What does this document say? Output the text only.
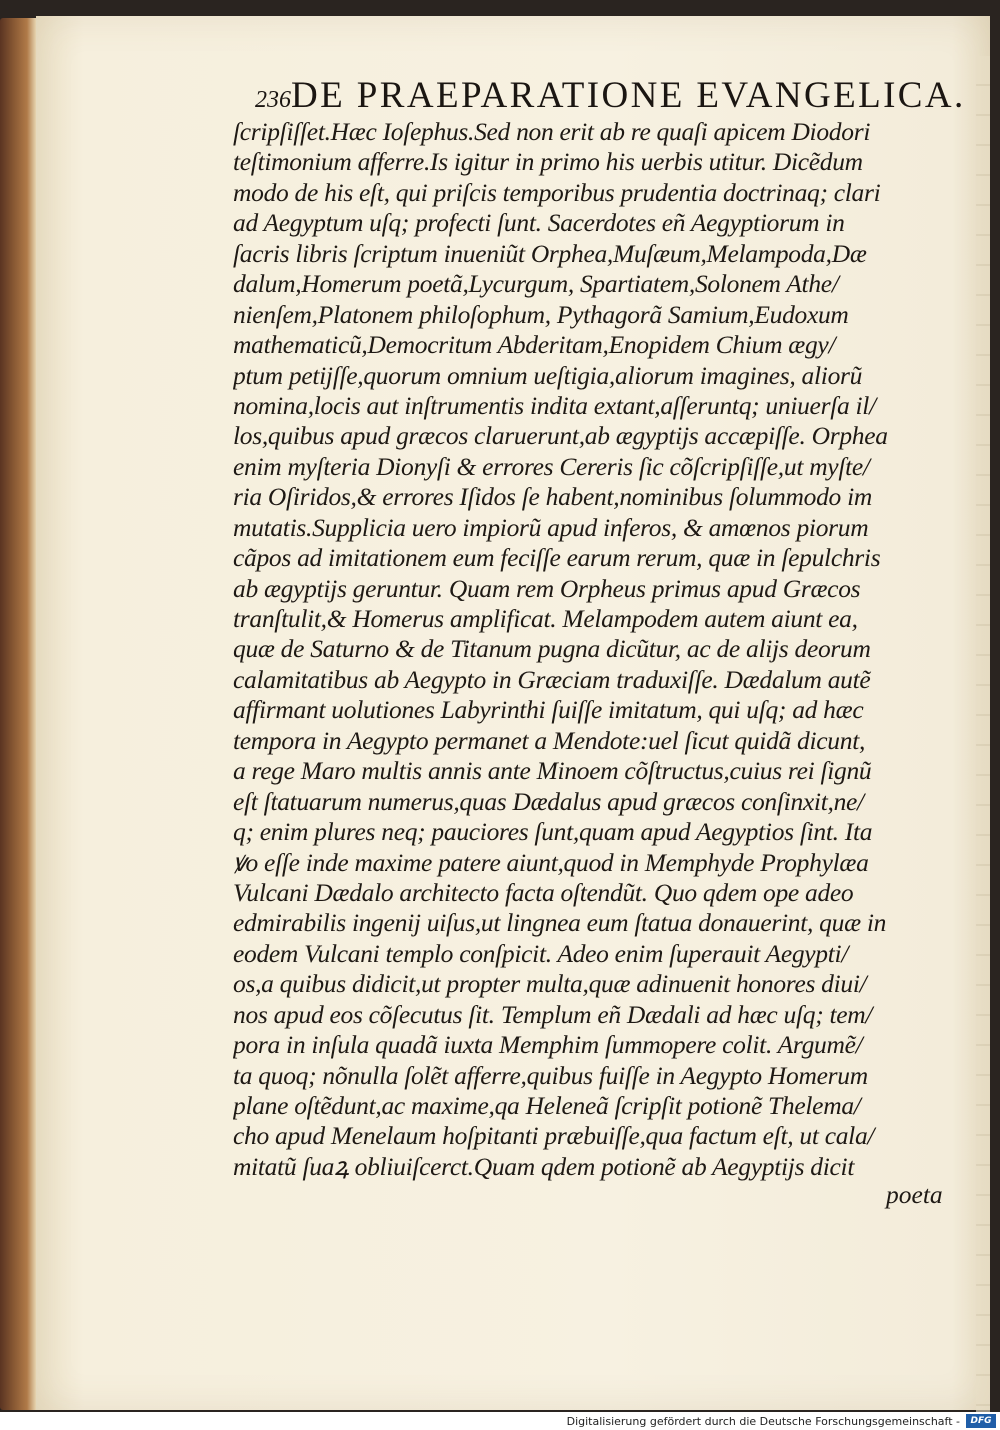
236 DE PRAEPARATIONE EVANGELICA.
ſcripſiſſet.Hæc Ioſephus.Sed non erit ab re quaſi apicem Diodori
teſtimonium afferre.Is igitur in primo his uerbis utitur. Dicẽdum
modo de his eſt, qui priſcis temporibus prudentia doctrinaq; clari
ad Aegyptum uſq; profecti ſunt. Sacerdotes eñ Aegyptiorum in
ſacris libris ſcriptum inueniũt Orphea,Muſæum,Melampoda,Dæ
dalum,Homerum poetã,Lycurgum, Spartiatem,Solonem Athe/
nienſem,Platonem philoſophum, Pythagorã Samium,Eudoxum
mathematicũ,Democritum Abderitam,Enopidem Chium ægy/
ptum petijſſe,quorum omnium ueſtigia,aliorum imagines, aliorũ
nomina,locis aut inſtrumentis indita extant,aſſeruntq; uniuerſa il/
los,quibus apud græcos claruerunt,ab ægyptijs accæpiſſe. Orphea
enim myſteria Dionyſi & errores Cereris ſic cõſcripſiſſe,ut myſte/
ria Oſiridos,& errores Iſidos ſe habent,nominibus ſolummodo im
mutatis.Supplicia uero impiorũ apud inferos, & amœnos piorum
cãpos ad imitationem eum feciſſe earum rerum, quæ in ſepulchris
ab ægyptijs geruntur. Quam rem Orpheus primus apud Græcos
tranſtulit,& Homerus amplificat. Melampodem autem aiunt ea,
quæ de Saturno & de Titanum pugna dicũtur, ac de alijs deorum
calamitatibus ab Aegypto in Græciam traduxiſſe. Dædalum autẽ
affirmant uolutiones Labyrinthi ſuiſſe imitatum, qui uſq; ad hæc
tempora in Aegypto permanet a Mendote:uel ſicut quidã dicunt,
a rege Maro multis annis ante Minoem cõſtructus,cuius rei ſignũ
eſt ſtatuarum numerus,quas Dædalus apud græcos conſinxit,ne/
q; enim plures neq; pauciores ſunt,quam apud Aegyptios ſint. Ita
ꝟo eſſe inde maxime patere aiunt,quod in Memphyde Prophylæa
Vulcani Dædalo architecto facta oſtendũt. Quo qdem ope adeo
edmirabilis ingenij uiſus,ut lingnea eum ſtatua donauerint, quæ in
eodem Vulcani templo conſpicit. Adeo enim ſuperauit Aegypti/
os,a quibus didicit,ut propter multa,quæ adinuenit honores diui/
nos apud eos cõſecutus ſit. Templum eñ Dædali ad hæc uſq; tem/
pora in inſula quadã iuxta Memphim ſummopere colit. Argumẽ/
ta quoq; nõnulla ſolẽt afferre,quibus fuiſſe in Aegypto Homerum
plane oſtẽdunt,ac maxime,qa Heleneã ſcripſit potionẽ Thelema/
cho apud Menelaum hoſpitanti præbuiſſe,qua factum eſt, ut cala/
mitatũ ſuaꝝ obliuiſcerct.Quam qdem potionẽ ab Aegyptijs dicit
poeta
Digitalisierung gefördert durch die Deutsche Forschungsgemeinschaft -	DFG
